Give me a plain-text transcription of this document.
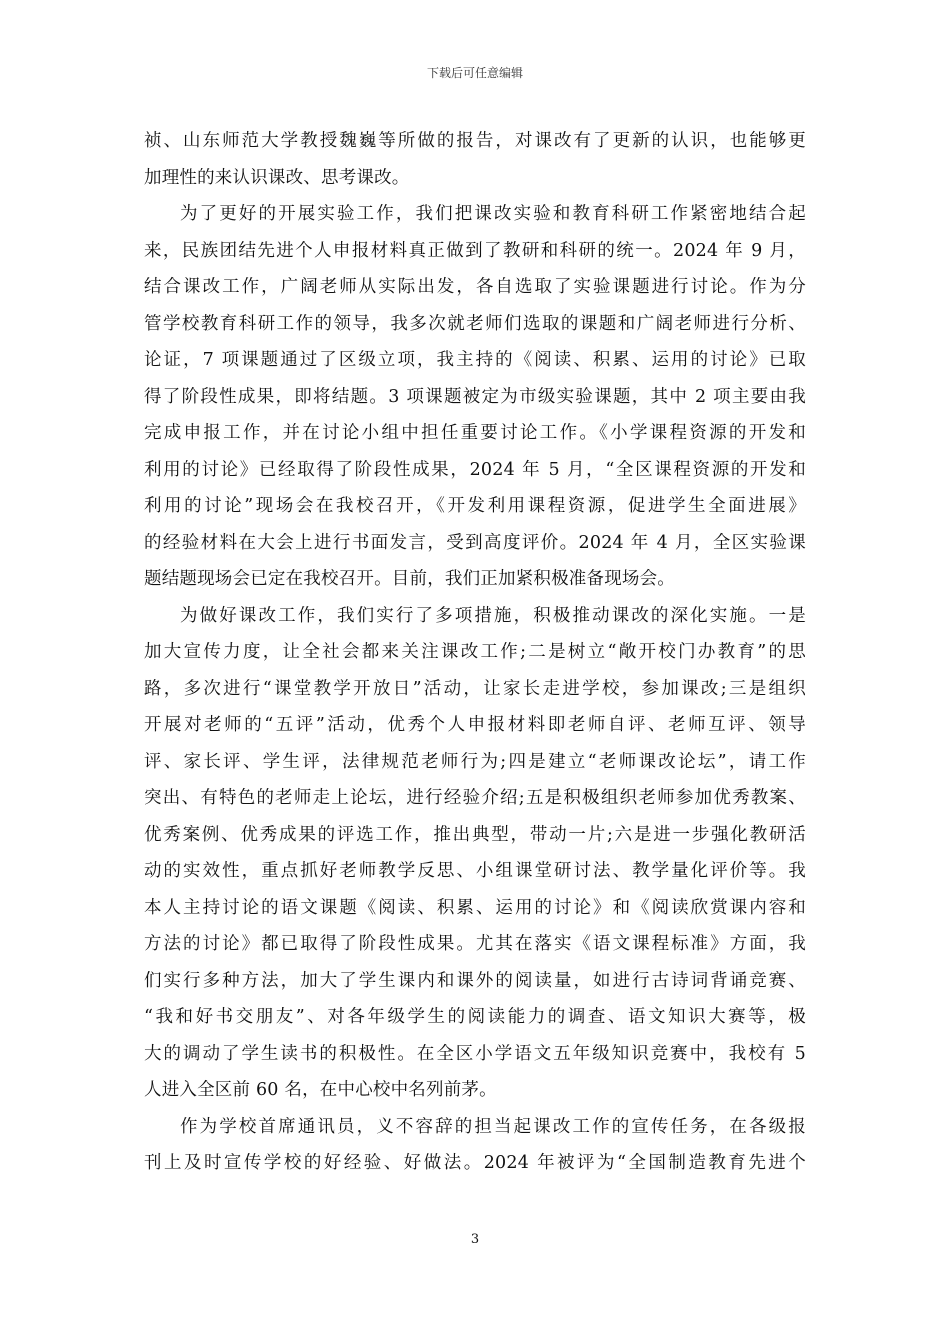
下载后可任意编辑
祯、山东师范大学教授魏巍等所做的报告，对课改有了更新的认识，也能够更
加理性的来认识课改、思考课改。
为了更好的开展实验工作，我们把课改实验和教育科研工作紧密地结合起
来，民族团结先进个人申报材料真正做到了教研和科研的统一。2024 年 9 月，
结合课改工作，广阔老师从实际出发，各自选取了实验课题进行讨论。作为分
管学校教育科研工作的领导，我多次就老师们选取的课题和广阔老师进行分析、
论证，7 项课题通过了区级立项，我主持的《阅读、积累、运用的讨论》已取
得了阶段性成果，即将结题。3 项课题被定为市级实验课题，其中 2 项主要由我
完成申报工作，并在讨论小组中担任重要讨论工作。《小学课程资源的开发和
利用的讨论》已经取得了阶段性成果，2024 年 5 月，“全区课程资源的开发和
利用的讨论”现场会在我校召开，《开发利用课程资源，促进学生全面进展》
的经验材料在大会上进行书面发言，受到高度评价。2024 年 4 月，全区实验课
题结题现场会已定在我校召开。目前，我们正加紧积极准备现场会。
为做好课改工作，我们实行了多项措施，积极推动课改的深化实施。一是
加大宣传力度，让全社会都来关注课改工作;二是树立“敞开校门办教育”的思
路，多次进行“课堂教学开放日”活动，让家长走进学校，参加课改;三是组织
开展对老师的“五评”活动，优秀个人申报材料即老师自评、老师互评、领导
评、家长评、学生评，法律规范老师行为;四是建立“老师课改论坛”，请工作
突出、有特色的老师走上论坛，进行经验介绍;五是积极组织老师参加优秀教案、
优秀案例、优秀成果的评选工作，推出典型，带动一片;六是进一步强化教研活
动的实效性，重点抓好老师教学反思、小组课堂研讨法、教学量化评价等。我
本人主持讨论的语文课题《阅读、积累、运用的讨论》和《阅读欣赏课内容和
方法的讨论》都已取得了阶段性成果。尤其在落实《语文课程标准》方面，我
们实行多种方法，加大了学生课内和课外的阅读量，如进行古诗词背诵竞赛、
“我和好书交朋友”、对各年级学生的阅读能力的调查、语文知识大赛等，极
大的调动了学生读书的积极性。在全区小学语文五年级知识竞赛中，我校有 5
人进入全区前 60 名，在中心校中名列前茅。
作为学校首席通讯员，义不容辞的担当起课改工作的宣传任务，在各级报
刊上及时宣传学校的好经验、好做法。2024 年被评为“全国制造教育先进个
3
